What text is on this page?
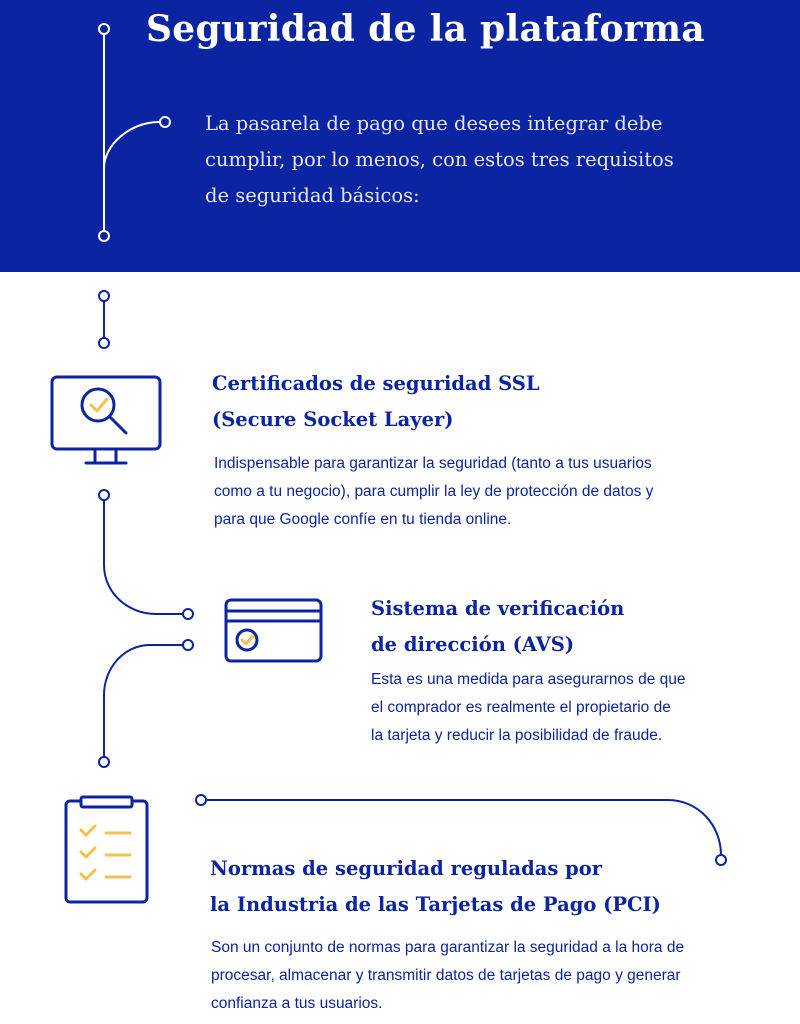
Seguridad de la plataforma

La pasarela de pago que desees integrar debe
cumplir, por lo menos, con estos tres requisitos
de seguridad básicos:

Certificados de seguridad SSL
(Secure Socket Layer)

Indispensable para garantizar la seguridad (tanto a tus usuarios
como a tu negocio), para cumplir la ley de protección de datos y
para que Google confíe en tu tienda online.

Sistema de verificación
de dirección (AVS)

Esta es una medida para asegurarnos de que
el comprador es realmente el propietario de
la tarjeta y reducir la posibilidad de fraude.

Normas de seguridad reguladas por
la Industria de las Tarjetas de Pago (PCI)

Son un conjunto de normas para garantizar la seguridad a la hora de
procesar, almacenar y transmitir datos de tarjetas de pago y generar
confianza a tus usuarios.
